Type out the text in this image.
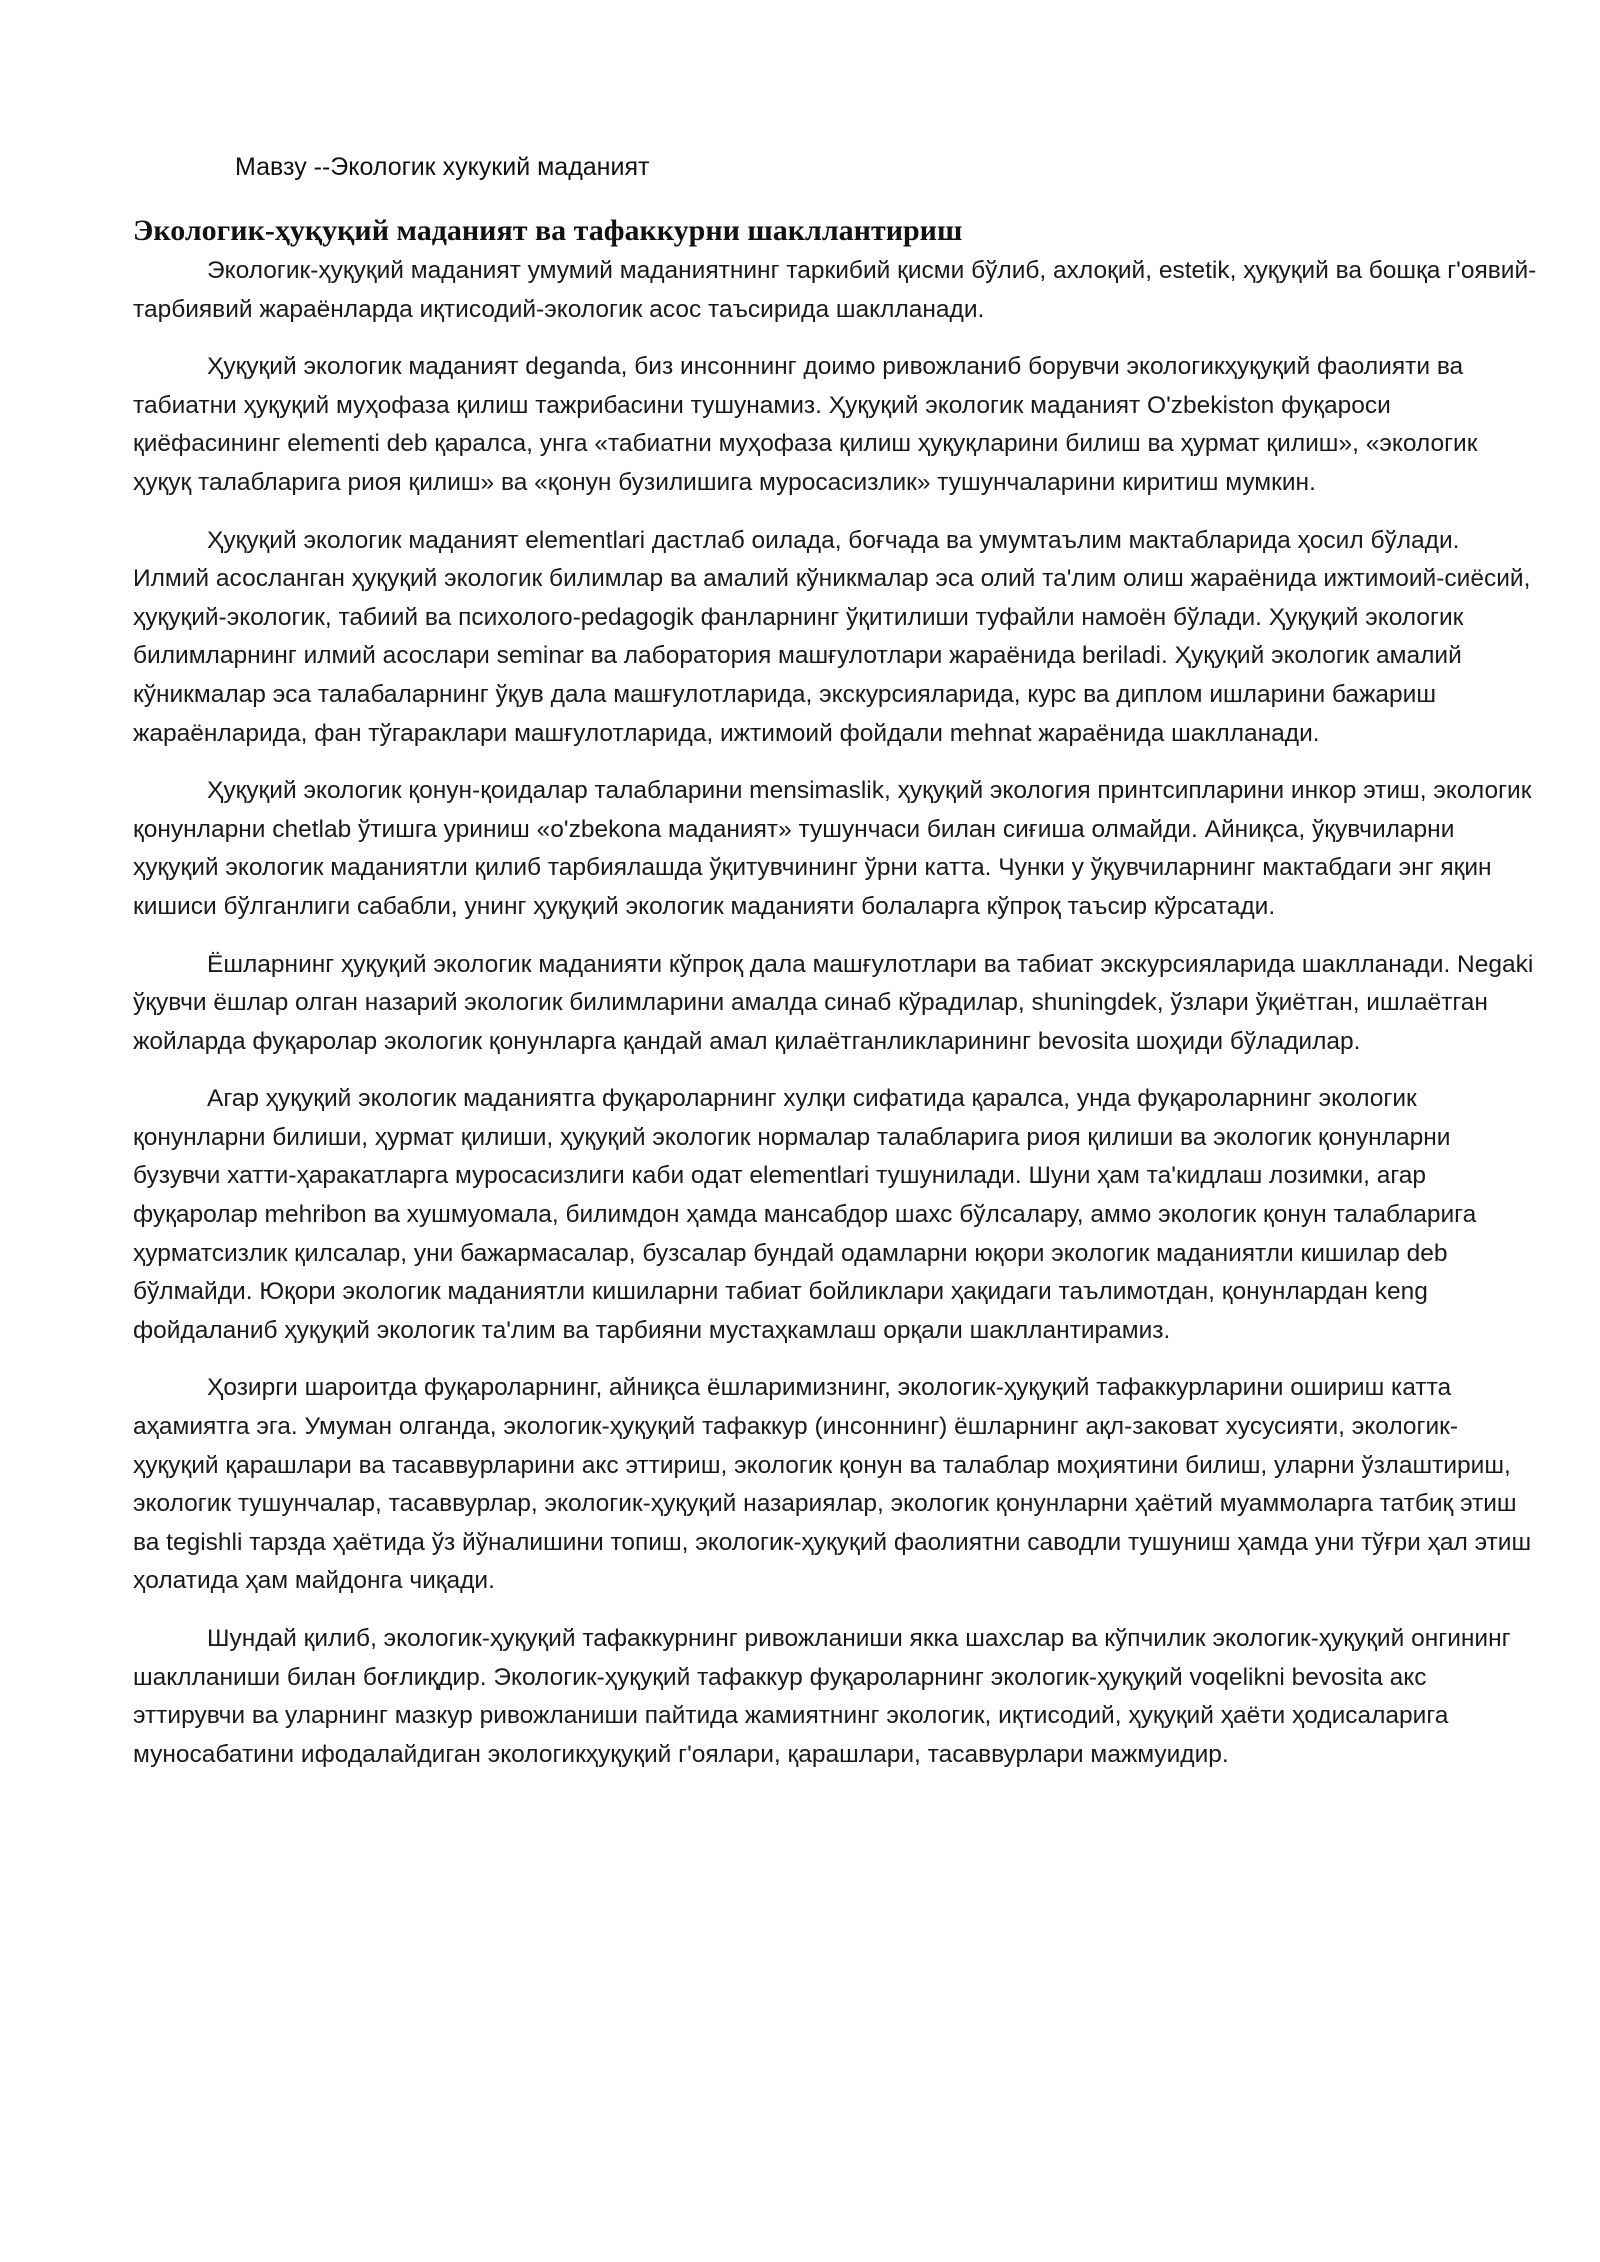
Мавзу --Экологик хукукий маданият
Экологик-ҳуқуқий маданият ва тафаккурни шакллантириш

Экологик-ҳуқуқий маданият умумий маданиятнинг таркибий қисми бўлиб, ахлоқий, estetik, ҳуқуқий ва бошқа г'оявий-тарбиявий жараёнларда иқтисодий-экологик асос таъсирида шаклланади.

Ҳуқуқий экологик маданият deganda, биз инсоннинг доимо ривожланиб борувчи экологикҳуқуқий фаолияти ва табиатни ҳуқуқий муҳофаза қилиш тажрибасини тушунамиз. Ҳуқуқий экологик маданият O'zbekiston фуқароси қиёфасининг elementi deb қаралса, унга «табиатни муҳофаза қилиш ҳуқуқларини билиш ва ҳурмат қилиш», «экологик ҳуқуқ талабларига риоя қилиш» ва «қонун бузилишига муросасизлик» тушунчаларини киритиш мумкин.

Ҳуқуқий экологик маданият elementlari дастлаб оилада, боғчада ва умумтаълим мактабларида ҳосил бўлади. Илмий асосланган ҳуқуқий экологик билимлар ва амалий кўникмалар эса олий та'лим олиш жараёнида ижтимоий-сиёсий, ҳуқуқий-экологик, табиий ва психолого-pedagogik фанларнинг ўқитилиши туфайли намоён бўлади. Ҳуқуқий экологик билимларнинг илмий асослари seminar ва лаборатория машғулотлари жараёнида beriladi. Ҳуқуқий экологик амалий кўникмалар эса талабаларнинг ўқув дала машғулотларида, экскурсияларида, курс ва диплом ишларини бажариш жараёнларида, фан тўгараклари машғулотларида, ижтимоий фойдали mehnat жараёнида шаклланади.

Ҳуқуқий экологик қонун-қоидалар талабларини mensimaslik, ҳуқуқий экология принтсипларини инкор этиш, экологик қонунларни chetlab ўтишга уриниш «o'zbekona маданият» тушунчаси билан сиғиша олмайди. Айниқса, ўқувчиларни ҳуқуқий экологик маданиятли қилиб тарбиялашда ўқитувчининг ўрни катта. Чунки у ўқувчиларнинг мактабдаги энг яқин кишиси бўлганлиги сабабли, унинг ҳуқуқий экологик маданияти болаларга кўпроқ таъсир кўрсатади.

Ёшларнинг ҳуқуқий экологик маданияти кўпроқ дала машғулотлари ва табиат экскурсияларида шаклланади. Negaki ўқувчи ёшлар олган назарий экологик билимларини амалда синаб кўрадилар, shuningdek, ўзлари ўқиётган, ишлаётган жойларда фуқаролар экологик қонунларга қандай амал қилаётганликларининг bevosita шоҳиди бўладилар.

Агар ҳуқуқий экологик маданиятга фуқароларнинг хулқи сифатида қаралса, унда фуқароларнинг экологик қонунларни билиши, ҳурмат қилиши, ҳуқуқий экологик нормалар талабларига риоя қилиши ва экологик қонунларни бузувчи хатти-ҳаракатларга муросасизлиги каби одат elementlari тушунилади. Шуни ҳам та'кидлаш лозимки, агар фуқаролар mehribon ва хушмуомала, билимдон ҳамда мансабдор шахс бўлсалару, аммо экологик қонун талабларига ҳурматсизлик қилсалар, уни бажармасалар, бузсалар бундай одамларни юқори экологик маданиятли кишилар deb бўлмайди. Юқори экологик маданиятли кишиларни табиат бойликлари ҳақидаги таълимотдан, қонунлардан keng фойдаланиб ҳуқуқий экологик та'лим ва тарбияни мустаҳкамлаш орқали шакллантирамиз.

Ҳозирги шароитда фуқароларнинг, айниқса ёшларимизнинг, экологик-ҳуқуқий тафаккурларини ошириш катта аҳамиятга эга. Умуман олганда, экологик-ҳуқуқий тафаккур (инсоннинг) ёшларнинг ақл-заковат хусусияти, экологик-ҳуқуқий қарашлари ва тасаввурларини акс эттириш, экологик қонун ва талаблар моҳиятини билиш, уларни ўзлаштириш, экологик тушунчалар, тасаввурлар, экологик-ҳуқуқий назариялар, экологик қонунларни ҳаётий муаммоларга татбиқ этиш ва tegishli тарзда ҳаётида ўз йўналишини топиш, экологик-ҳуқуқий фаолиятни саводли тушуниш ҳамда уни тўғри ҳал этиш ҳолатида ҳам майдонга чиқади.

Шундай қилиб, экологик-ҳуқуқий тафаккурнинг ривожланиши якка шахслар ва кўпчилик экологик-ҳуқуқий онгининг шаклланиши билан боғлиқдир. Экологик-ҳуқуқий тафаккур фуқароларнинг экологик-ҳуқуқий voqelikni bevosita акс эттирувчи ва уларнинг мазкур ривожланиши пайтида жамиятнинг экологик, иқтисодий, ҳуқуқий ҳаёти ҳодисаларига муносабатини ифодалайдиган экологикҳуқуқий г'оялари, қарашлари, тасаввурлари мажмуидир.
